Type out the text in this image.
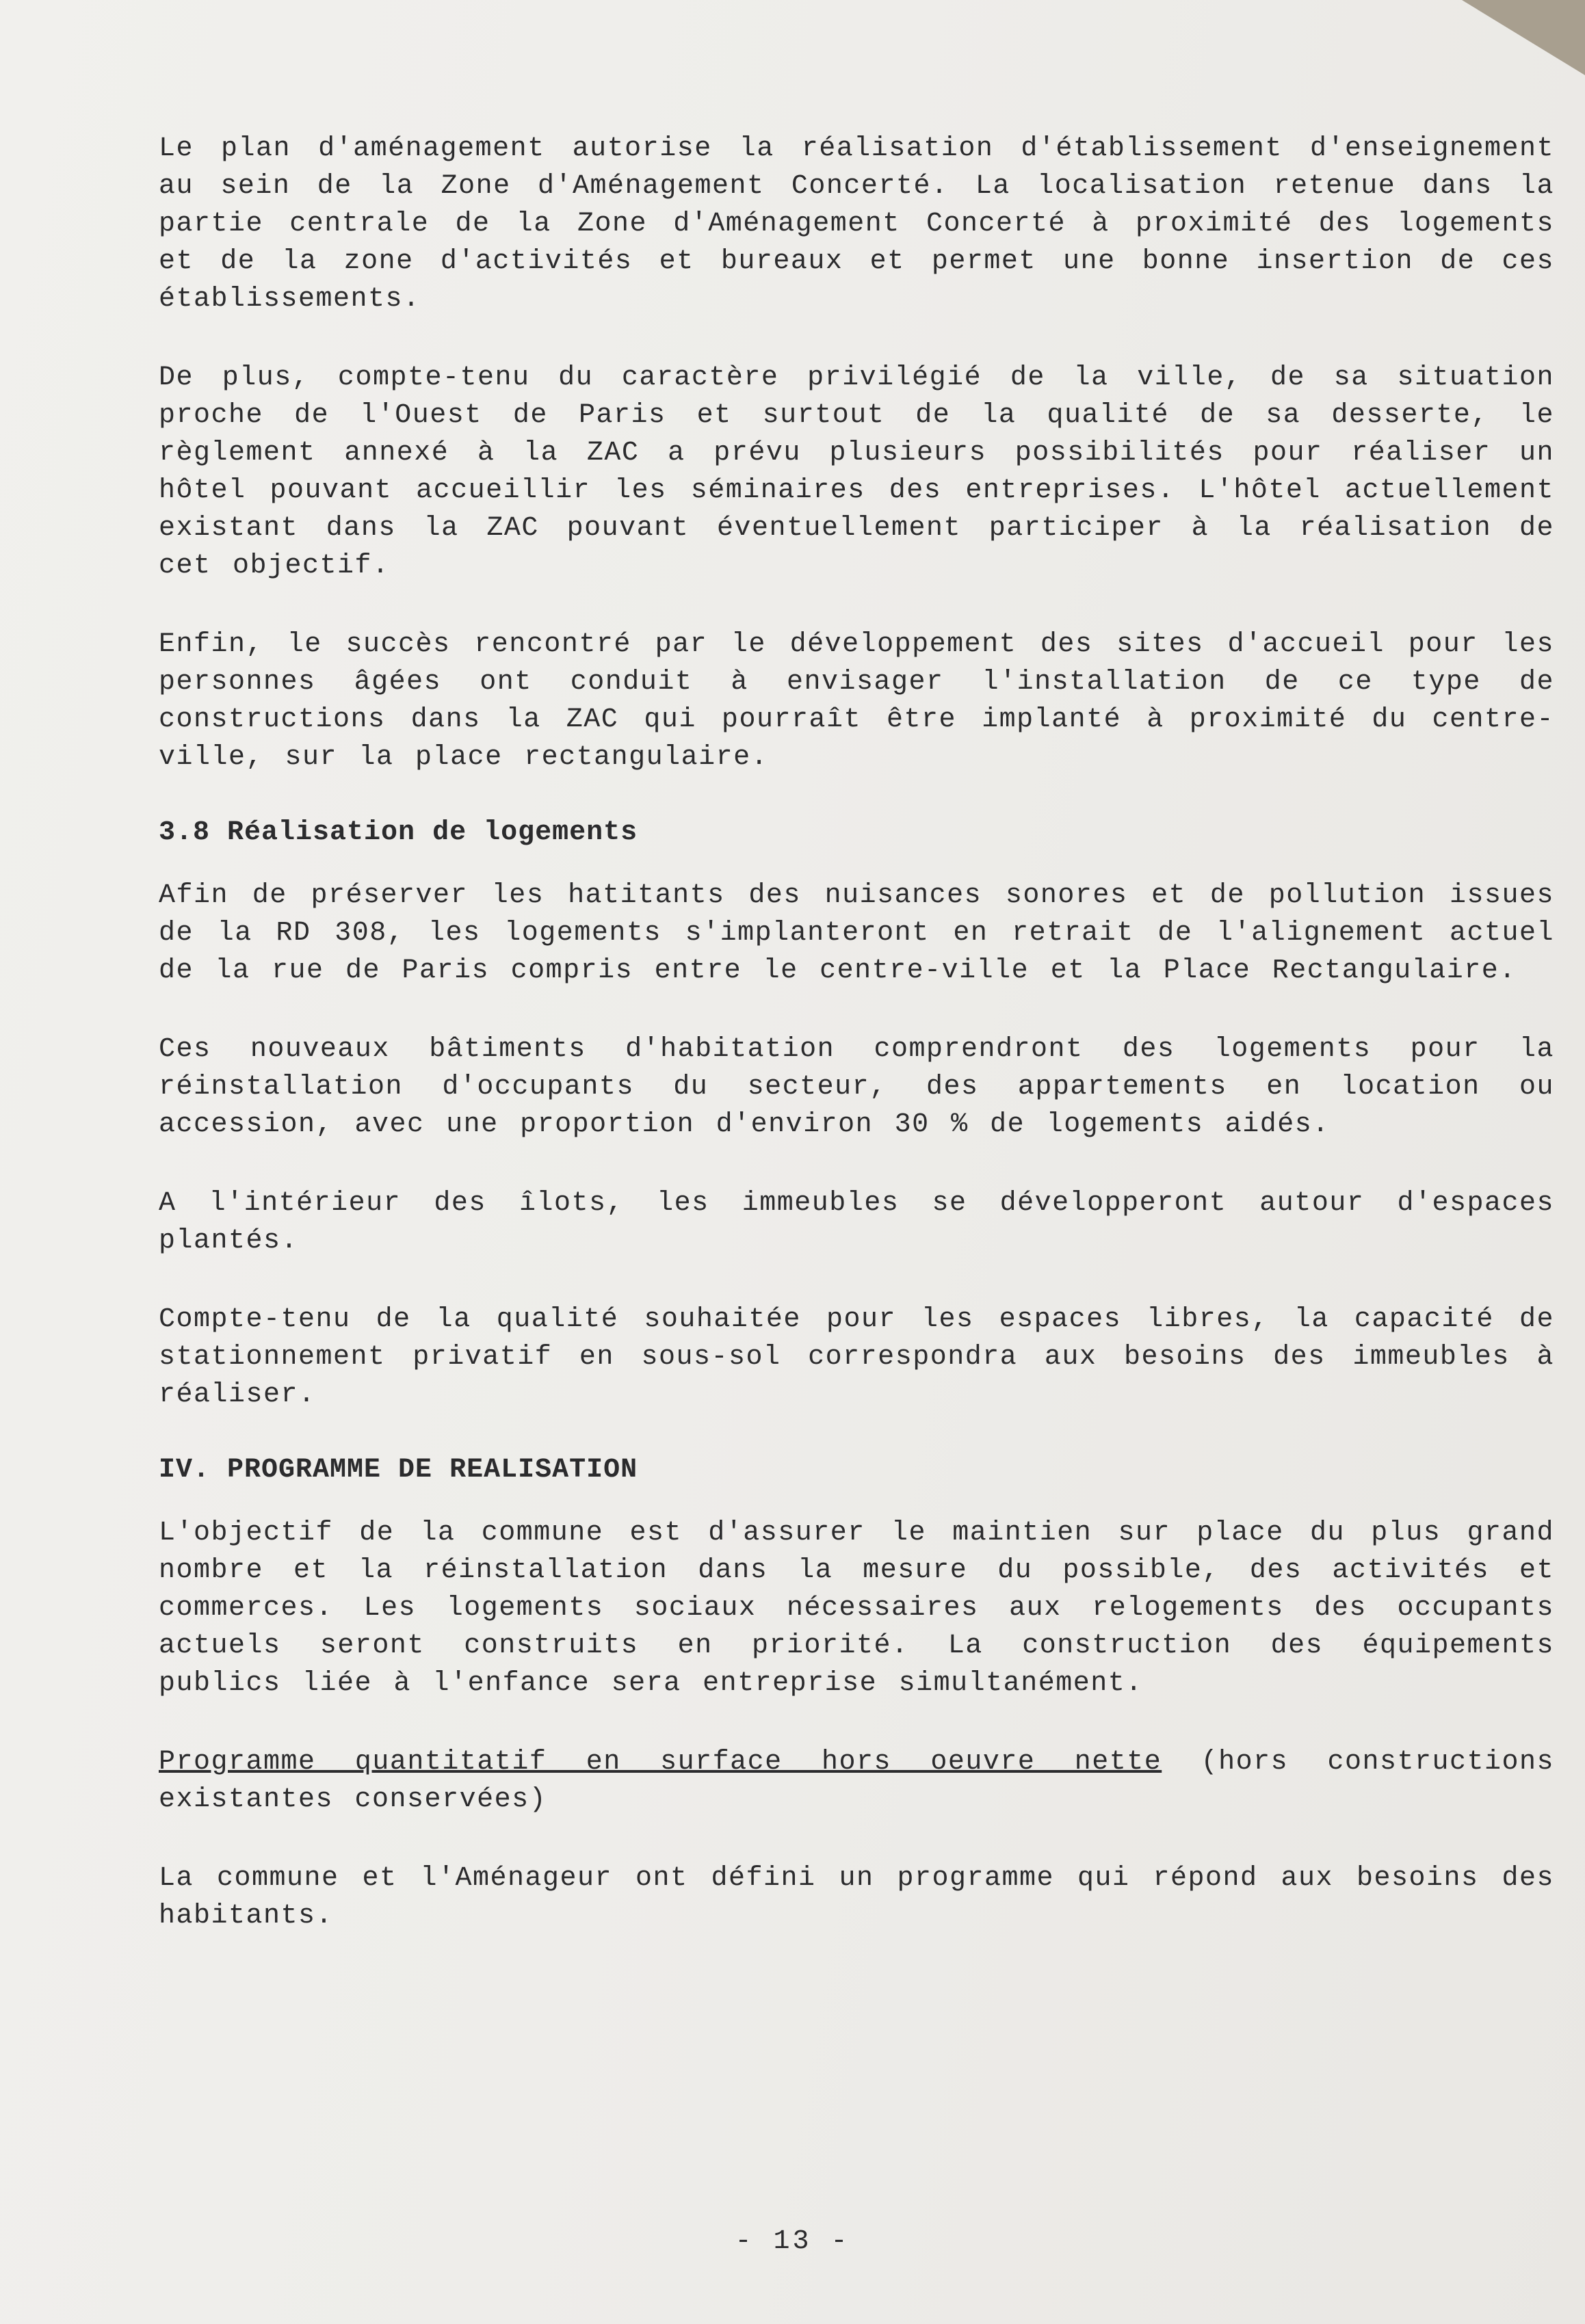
Le plan d'aménagement autorise la réalisation d'établissement d'enseignement au sein de la Zone d'Aménagement Concerté. La localisation retenue dans la partie centrale de la Zone d'Aménagement Concerté à proximité des logements et de la zone d'activités et bureaux et permet une bonne insertion de ces établissements.

De plus, compte-tenu du caractère privilégié de la ville, de sa situation proche de l'Ouest de Paris et surtout de la qualité de sa desserte, le règlement annexé à la ZAC a prévu plusieurs possibilités pour réaliser un hôtel pouvant accueillir les séminaires des entreprises. L'hôtel actuellement existant dans la ZAC pouvant éventuellement participer à la réalisation de cet objectif.

Enfin, le succès rencontré par le développement des sites d'accueil pour les personnes âgées ont conduit à envisager l'installation de ce type de constructions dans la ZAC qui pourraît être implanté à proximité du centre-ville, sur la place rectangulaire.

3.8 Réalisation de logements

Afin de préserver les hatitants des nuisances sonores et de pollution issues de la RD 308, les logements s'implanteront en retrait de l'alignement actuel de la rue de Paris compris entre le centre-ville et la Place Rectangulaire.

Ces nouveaux bâtiments d'habitation comprendront des logements pour la réinstallation d'occupants du secteur, des appartements en location ou accession, avec une proportion d'environ 30 % de logements aidés.

A l'intérieur des îlots, les immeubles se développeront autour d'espaces plantés.

Compte-tenu de la qualité souhaitée pour les espaces libres, la capacité de stationnement privatif en sous-sol correspondra aux besoins des immeubles à réaliser.

IV. PROGRAMME DE REALISATION

L'objectif de la commune est d'assurer le maintien sur place du plus grand nombre et la réinstallation dans la mesure du possible, des activités et commerces. Les logements sociaux nécessaires aux relogements des occupants actuels seront construits en priorité. La construction des équipements publics liée à l'enfance sera entreprise simultanément.

Programme quantitatif en surface hors oeuvre nette (hors constructions existantes conservées)

La commune et l'Aménageur ont défini un programme qui répond aux besoins des habitants.

- 13 -
